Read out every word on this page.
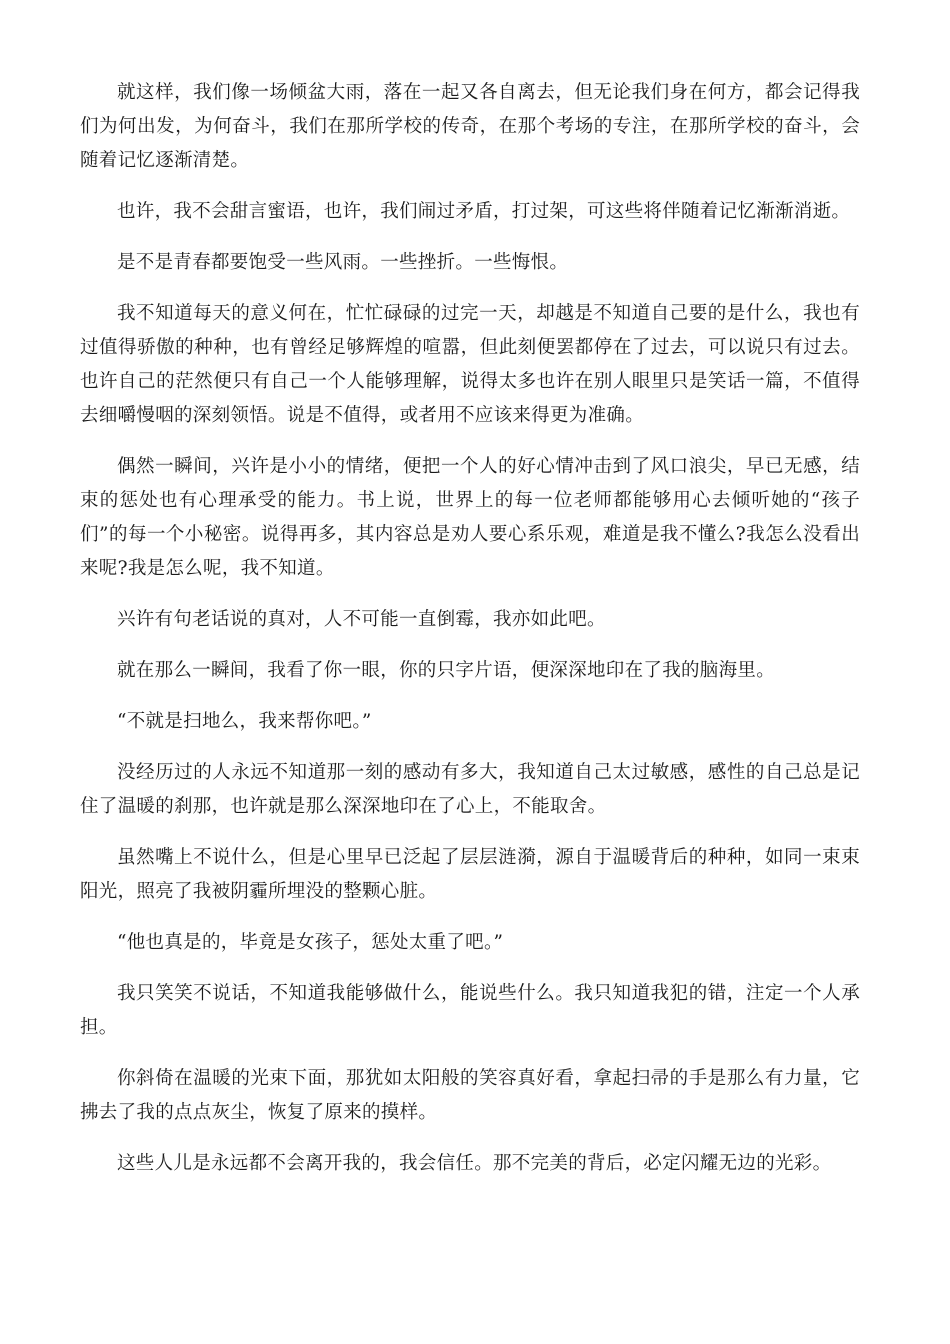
就这样，我们像一场倾盆大雨，落在一起又各自离去，但无论我们身在何方，都会记得我们为何出发，为何奋斗，我们在那所学校的传奇，在那个考场的专注，在那所学校的奋斗，会随着记忆逐渐清楚。

也许，我不会甜言蜜语，也许，我们闹过矛盾，打过架，可这些将伴随着记忆渐渐消逝。

是不是青春都要饱受一些风雨。一些挫折。一些悔恨。

我不知道每天的意义何在，忙忙碌碌的过完一天，却越是不知道自己要的是什么，我也有过值得骄傲的种种，也有曾经足够辉煌的喧嚣，但此刻便罢都停在了过去，可以说只有过去。也许自己的茫然便只有自己一个人能够理解，说得太多也许在别人眼里只是笑话一篇，不值得去细嚼慢咽的深刻领悟。说是不值得，或者用不应该来得更为准确。

偶然一瞬间，兴许是小小的情绪，便把一个人的好心情冲击到了风口浪尖，早已无感，结束的惩处也有心理承受的能力。书上说，世界上的每一位老师都能够用心去倾听她的“孩子们”的每一个小秘密。说得再多，其内容总是劝人要心系乐观，难道是我不懂么?我怎么没看出来呢?我是怎么呢，我不知道。

兴许有句老话说的真对，人不可能一直倒霉，我亦如此吧。

就在那么一瞬间，我看了你一眼，你的只字片语，便深深地印在了我的脑海里。

“不就是扫地么，我来帮你吧。”

没经历过的人永远不知道那一刻的感动有多大，我知道自己太过敏感，感性的自己总是记住了温暖的刹那，也许就是那么深深地印在了心上，不能取舍。

虽然嘴上不说什么，但是心里早已泛起了层层涟漪，源自于温暖背后的种种，如同一束束阳光，照亮了我被阴霾所埋没的整颗心脏。

“他也真是的，毕竟是女孩子，惩处太重了吧。”

我只笑笑不说话，不知道我能够做什么，能说些什么。我只知道我犯的错，注定一个人承担。

你斜倚在温暖的光束下面，那犹如太阳般的笑容真好看，拿起扫帚的手是那么有力量，它拂去了我的点点灰尘，恢复了原来的摸样。

这些人儿是永远都不会离开我的，我会信任。那不完美的背后，必定闪耀无边的光彩。
